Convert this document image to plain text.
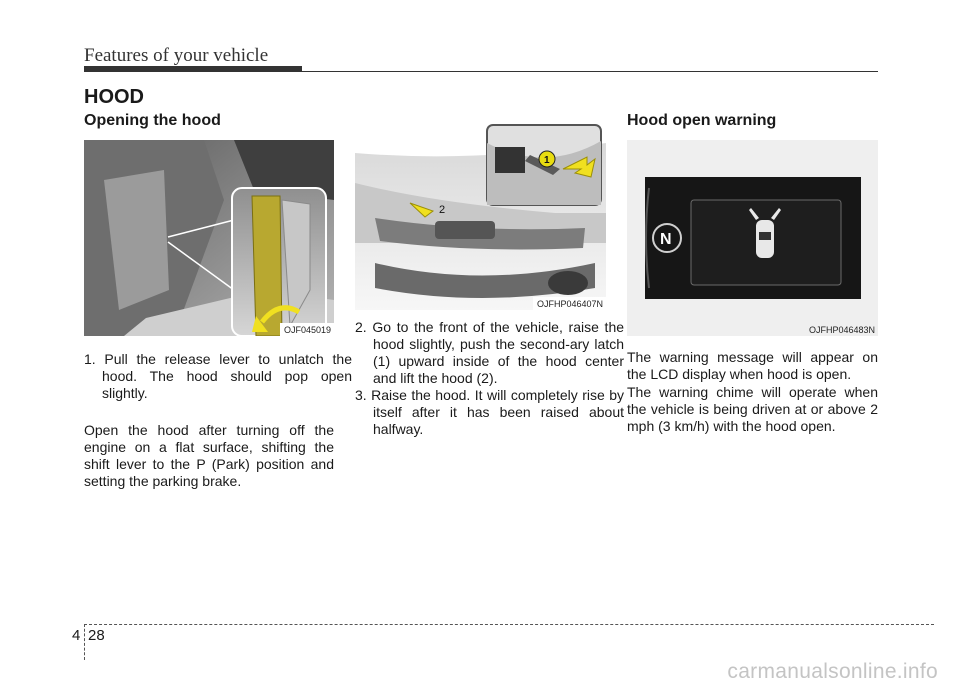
Features of your vehicle
HOOD
Opening the hood
OJF045019
1. Pull the release lever to unlatch the hood. The hood should pop open slightly.
Open the hood after turning off the engine on a flat surface, shifting the shift lever to the P (Park) position and setting the parking brake.
2
1
OJFHP046407N
2. Go to the front of the vehicle, raise the hood slightly, push the second-ary latch (1) upward inside of the hood center and lift the hood (2).
3. Raise the hood. It will completely rise by itself after it has been raised about halfway.
Hood open warning
N
OJFHP046483N
The warning message will appear on the LCD display when hood is open.
The warning chime will operate when the vehicle is being driven at or above 2 mph (3 km/h) with the hood open.
4 28
carmanualsonline.info
